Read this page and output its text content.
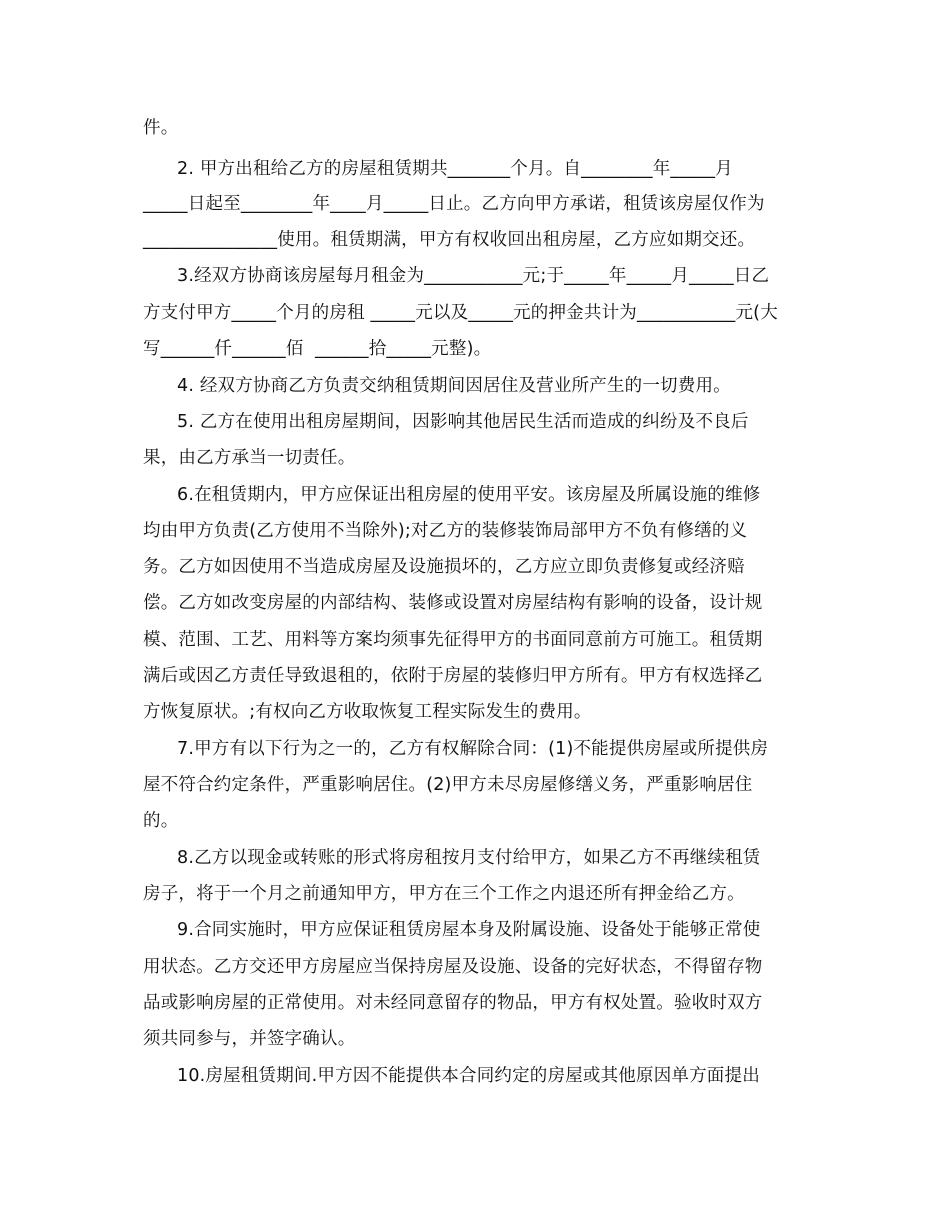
件。
2. 甲方出租给乙方的房屋租赁期共_______个月。自________年_____月
_____日起至________年____月_____日止。乙方向甲方承诺，租赁该房屋仅作为
_______________使用。租赁期满，甲方有权收回出租房屋，乙方应如期交还。
3.经双方协商该房屋每月租金为___________元;于_____年_____月_____日乙
方支付甲方_____个月的房租 _____元以及_____元的押金共计为___________元(大
写______仟______佰  ______拾_____元整)。
4. 经双方协商乙方负责交纳租赁期间因居住及营业所产生的一切费用。
5. 乙方在使用出租房屋期间，因影响其他居民生活而造成的纠纷及不良后
果，由乙方承当一切责任。
6.在租赁期内，甲方应保证出租房屋的使用平安。该房屋及所属设施的维修
均由甲方负责(乙方使用不当除外);对乙方的装修装饰局部甲方不负有修缮的义
务。乙方如因使用不当造成房屋及设施损坏的，乙方应立即负责修复或经济赔
偿。乙方如改变房屋的内部结构、装修或设置对房屋结构有影响的设备，设计规
模、范围、工艺、用料等方案均须事先征得甲方的书面同意前方可施工。租赁期
满后或因乙方责任导致退租的，依附于房屋的装修归甲方所有。甲方有权选择乙
方恢复原状。;有权向乙方收取恢复工程实际发生的费用。
7.甲方有以下行为之一的，乙方有权解除合同：(1)不能提供房屋或所提供房
屋不符合约定条件，严重影响居住。(2)甲方未尽房屋修缮义务，严重影响居住
的。
8.乙方以现金或转账的形式将房租按月支付给甲方，如果乙方不再继续租赁
房子，将于一个月之前通知甲方，甲方在三个工作之内退还所有押金给乙方。
9.合同实施时，甲方应保证租赁房屋本身及附属设施、设备处于能够正常使
用状态。乙方交还甲方房屋应当保持房屋及设施、设备的完好状态，不得留存物
品或影响房屋的正常使用。对未经同意留存的物品，甲方有权处置。验收时双方
须共同参与，并签字确认。
10.房屋租赁期间.甲方因不能提供本合同约定的房屋或其他原因单方面提出
